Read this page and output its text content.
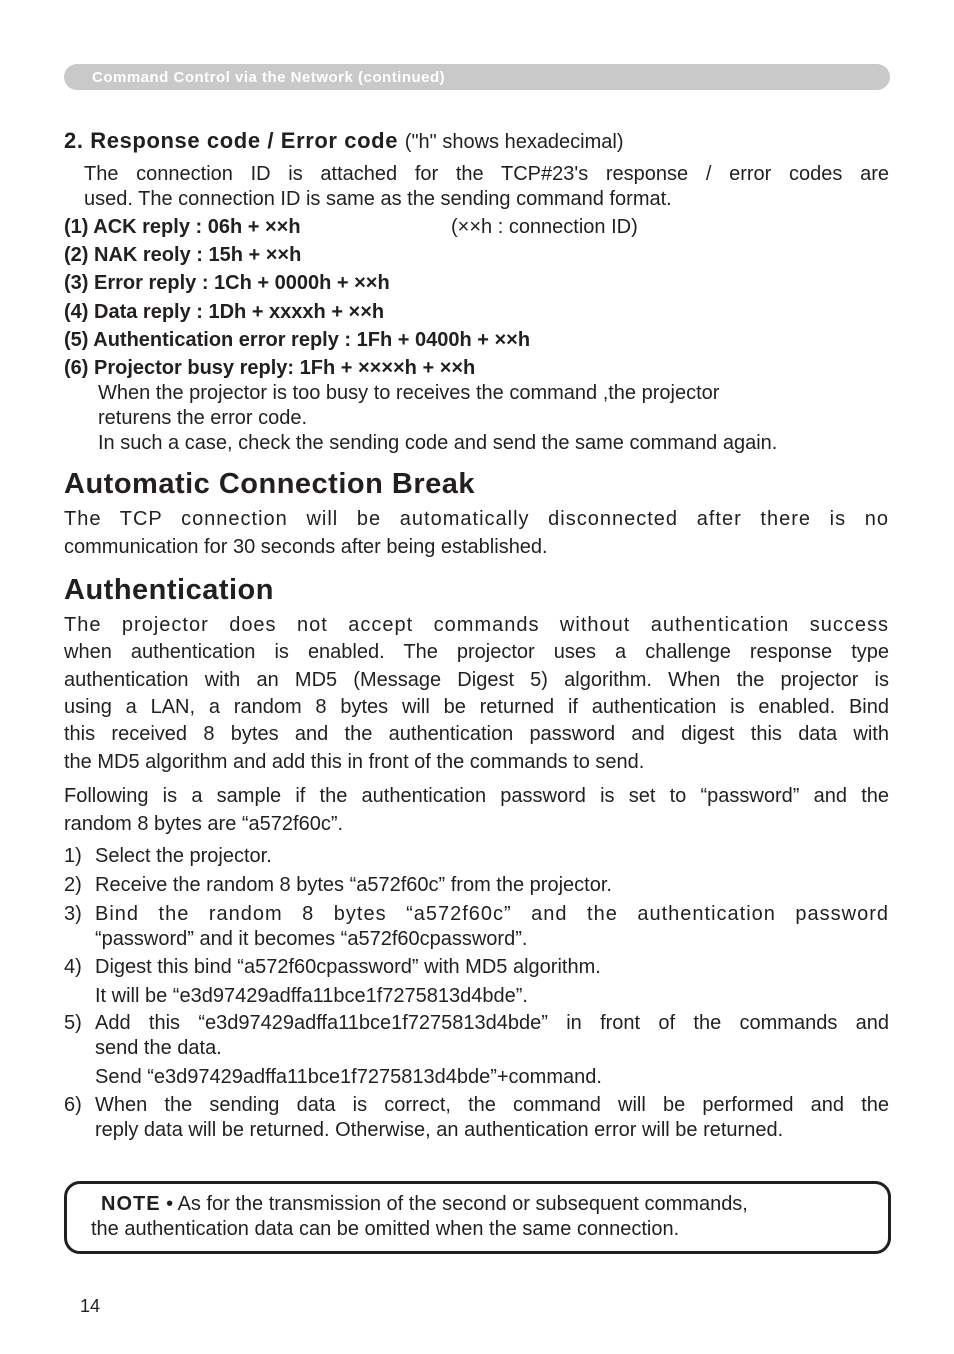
Command Control via the Network (continued)
2. Response code / Error code ("h" shows hexadecimal)
The connection ID is attached for the TCP#23's response / error codes are
used. The connection ID is same as the sending command format.
(1) ACK reply : 06h + ××h	(××h : connection ID)
(2) NAK reoly : 15h + ××h
(3) Error reply : 1Ch + 0000h + ××h
(4) Data reply : 1Dh + xxxxh + ××h
(5) Authentication error reply : 1Fh + 0400h + ××h
(6) Projector busy reply: 1Fh + ××××h + ××h
When the projector is too busy to receives the command ,the projector
returens the error code.
In such a case, check the sending code and send the same command again.
Automatic Connection Break
The TCP connection will be automatically disconnected after there is no
communication for 30 seconds after being established.
Authentication
The projector does not accept commands without authentication success
when authentication is enabled. The projector uses a challenge response type
authentication with an MD5 (Message Digest 5) algorithm. When the projector is
using a LAN, a random 8 bytes will be returned if authentication is enabled. Bind
this received 8 bytes and the authentication password and digest this data with
the MD5 algorithm and add this in front of the commands to send.
Following is a sample if the authentication password is set to “password” and the
random 8 bytes are “a572f60c”.
1) Select the projector.
2) Receive the random 8 bytes “a572f60c” from the projector.
3) Bind the random 8 bytes “a572f60c” and the authentication password
“password” and it becomes “a572f60cpassword”.
4) Digest this bind “a572f60cpassword” with MD5 algorithm.
It will be “e3d97429adffa11bce1f7275813d4bde”.
5) Add this “e3d97429adffa11bce1f7275813d4bde” in front of the commands and
send the data.
Send “e3d97429adffa11bce1f7275813d4bde”+command.
6) When the sending data is correct, the command will be performed and the
reply data will be returned. Otherwise, an authentication error will be returned.
NOTE • As for the transmission of the second or subsequent commands,
the authentication data can be omitted when the same connection.
14
